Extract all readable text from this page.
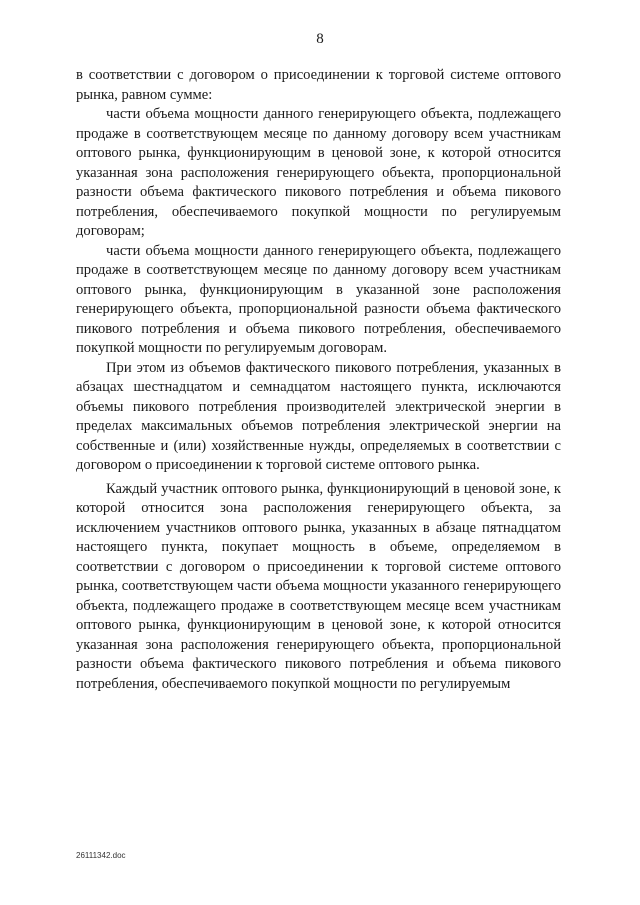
8

в соответствии с договором о присоединении к торговой системе оптового рынка, равном сумме:

части объема мощности данного генерирующего объекта, подлежащего продаже в соответствующем месяце по данному договору всем участникам оптового рынка, функционирующим в ценовой зоне, к которой относится указанная зона расположения генерирующего объекта, пропорциональной разности объема фактического пикового потребления и объема пикового потребления, обеспечиваемого покупкой мощности по регулируемым договорам;

части объема мощности данного генерирующего объекта, подлежащего продаже в соответствующем месяце по данному договору всем участникам оптового рынка, функционирующим в указанной зоне расположения генерирующего объекта, пропорциональной разности объема фактического пикового потребления и объема пикового потребления, обеспечиваемого покупкой мощности по регулируемым договорам.

При этом из объемов фактического пикового потребления, указанных в абзацах шестнадцатом и семнадцатом настоящего пункта, исключаются объемы пикового потребления производителей электрической энергии в пределах максимальных объемов потребления электрической энергии на собственные и (или) хозяйственные нужды, определяемых в соответствии с договором о присоединении к торговой системе оптового рынка.

Каждый участник оптового рынка, функционирующий в ценовой зоне, к которой относится зона расположения генерирующего объекта, за исключением участников оптового рынка, указанных в абзаце пятнадцатом настоящего пункта, покупает мощность в объеме, определяемом в соответствии с договором о присоединении к торговой системе оптового рынка, соответствующем части объема мощности указанного генерирующего объекта, подлежащего продаже в соответствующем месяце всем участникам оптового рынка, функционирующим в ценовой зоне, к которой относится указанная зона расположения генерирующего объекта, пропорциональной разности объема фактического пикового потребления и объема пикового потребления, обеспечиваемого покупкой мощности по регулируемым

26111342.doc
